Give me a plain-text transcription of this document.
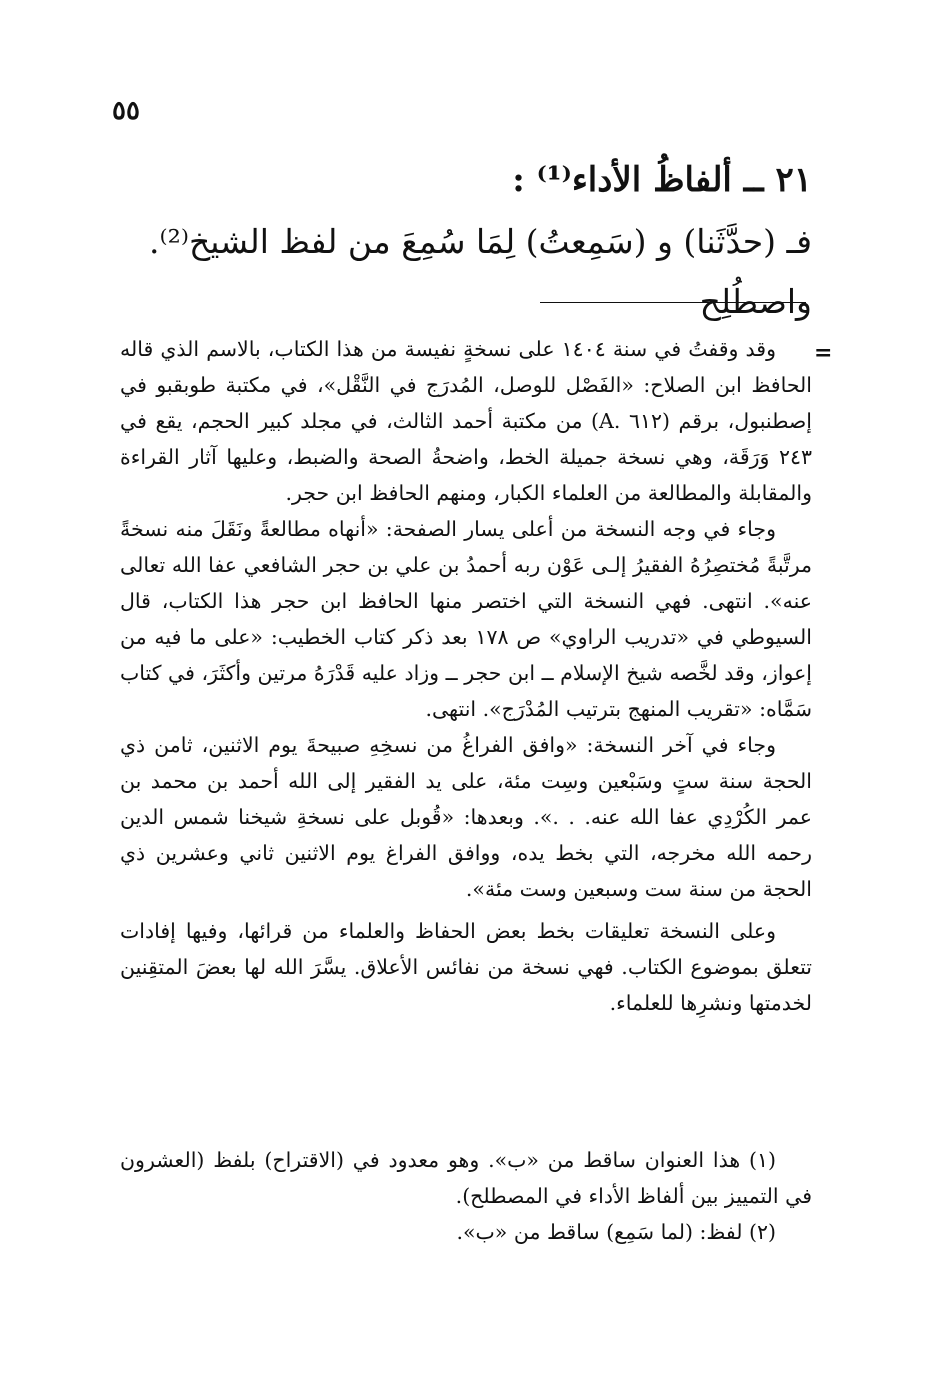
٥٥
٢١ ــ ألفاظُ الأداء⁽¹⁾ :
فـ (حدَّثَنا) و (سَمِعتُ) لِمَا سُمِعَ من لفظ الشيخ⁽²⁾. واصطُلِح
=

وقد وقفتُ في سنة ١٤٠٤ على نسخةٍ نفيسة من هذا الكتاب، بالاسم الذي قاله الحافظ ابن الصلاح: «الفَصْل للوصل، المُدرَج في النَّقْل»، في مكتبة طوبقبو في إصطنبول، برقم (٦١٢ .A) من مكتبة أحمد الثالث، في مجلد كبير الحجم، يقع في ٢٤٣ وَرَقَة، وهي نسخة جميلة الخط، واضحةُ الصحة والضبط، وعليها آثار القراءة والمقابلة والمطالعة من العلماء الكبار، ومنهم الحافظ ابن حجر.

وجاء في وجه النسخة من أعلى يسار الصفحة: «أنهاه مطالعةً ونَقَلَ منه نسخةً مرتَّبةً مُختصِرُهُ الفقيرُ إلـى عَوْن ربه أحمدُ بن علي بن حجر الشافعي عفا الله تعالى عنه». انتهى. فهي النسخة التي اختصر منها الحافظ ابن حجر هذا الكتاب، قال السيوطي في «تدريب الراوي» ص ١٧٨ بعد ذكر كتاب الخطيب: «على ما فيه من إعواز، وقد لخَّصه شيخ الإسلام ــ ابن حجر ــ وزاد عليه قَدْرَهُ مرتين وأكثَرَ، في كتاب سَمَّاه: «تقريب المنهج بترتيب المُدْرَج». انتهى.

وجاء في آخر النسخة: «وافق الفراغُ من نسخِهِ صبيحةَ يوم الاثنين، ثامن ذي الحجة سنة ستٍ وسَبْعين وسِت مئة، على يد الفقير إلى الله أحمد بن محمد بن عمر الكُرْدِي عفا الله عنه. . .». وبعدها: «قُوبل على نسخةِ شيخنا شمس الدين رحمه الله مخرجه، التي بخط يده، ووافق الفراغ يوم الاثنين ثاني وعشرين ذي الحجة من سنة ست وسبعين وست مئة».

وعلى النسخة تعليقات بخط بعض الحفاظ والعلماء من قرائها، وفيها إفادات تتعلق بموضوع الكتاب. فهي نسخة من نفائس الأعلاق. يسَّرَ الله لها بعضَ المتقِنين لخدمتها ونشرِها للعلماء.

(١) هذا العنوان ساقط من «ب». وهو معدود في (الاقتراح) بلفظ (العشرون في التمييز بين ألفاظ الأداء في المصطلح).

(٢) لفظ: (لما سَمِع) ساقط من «ب».
